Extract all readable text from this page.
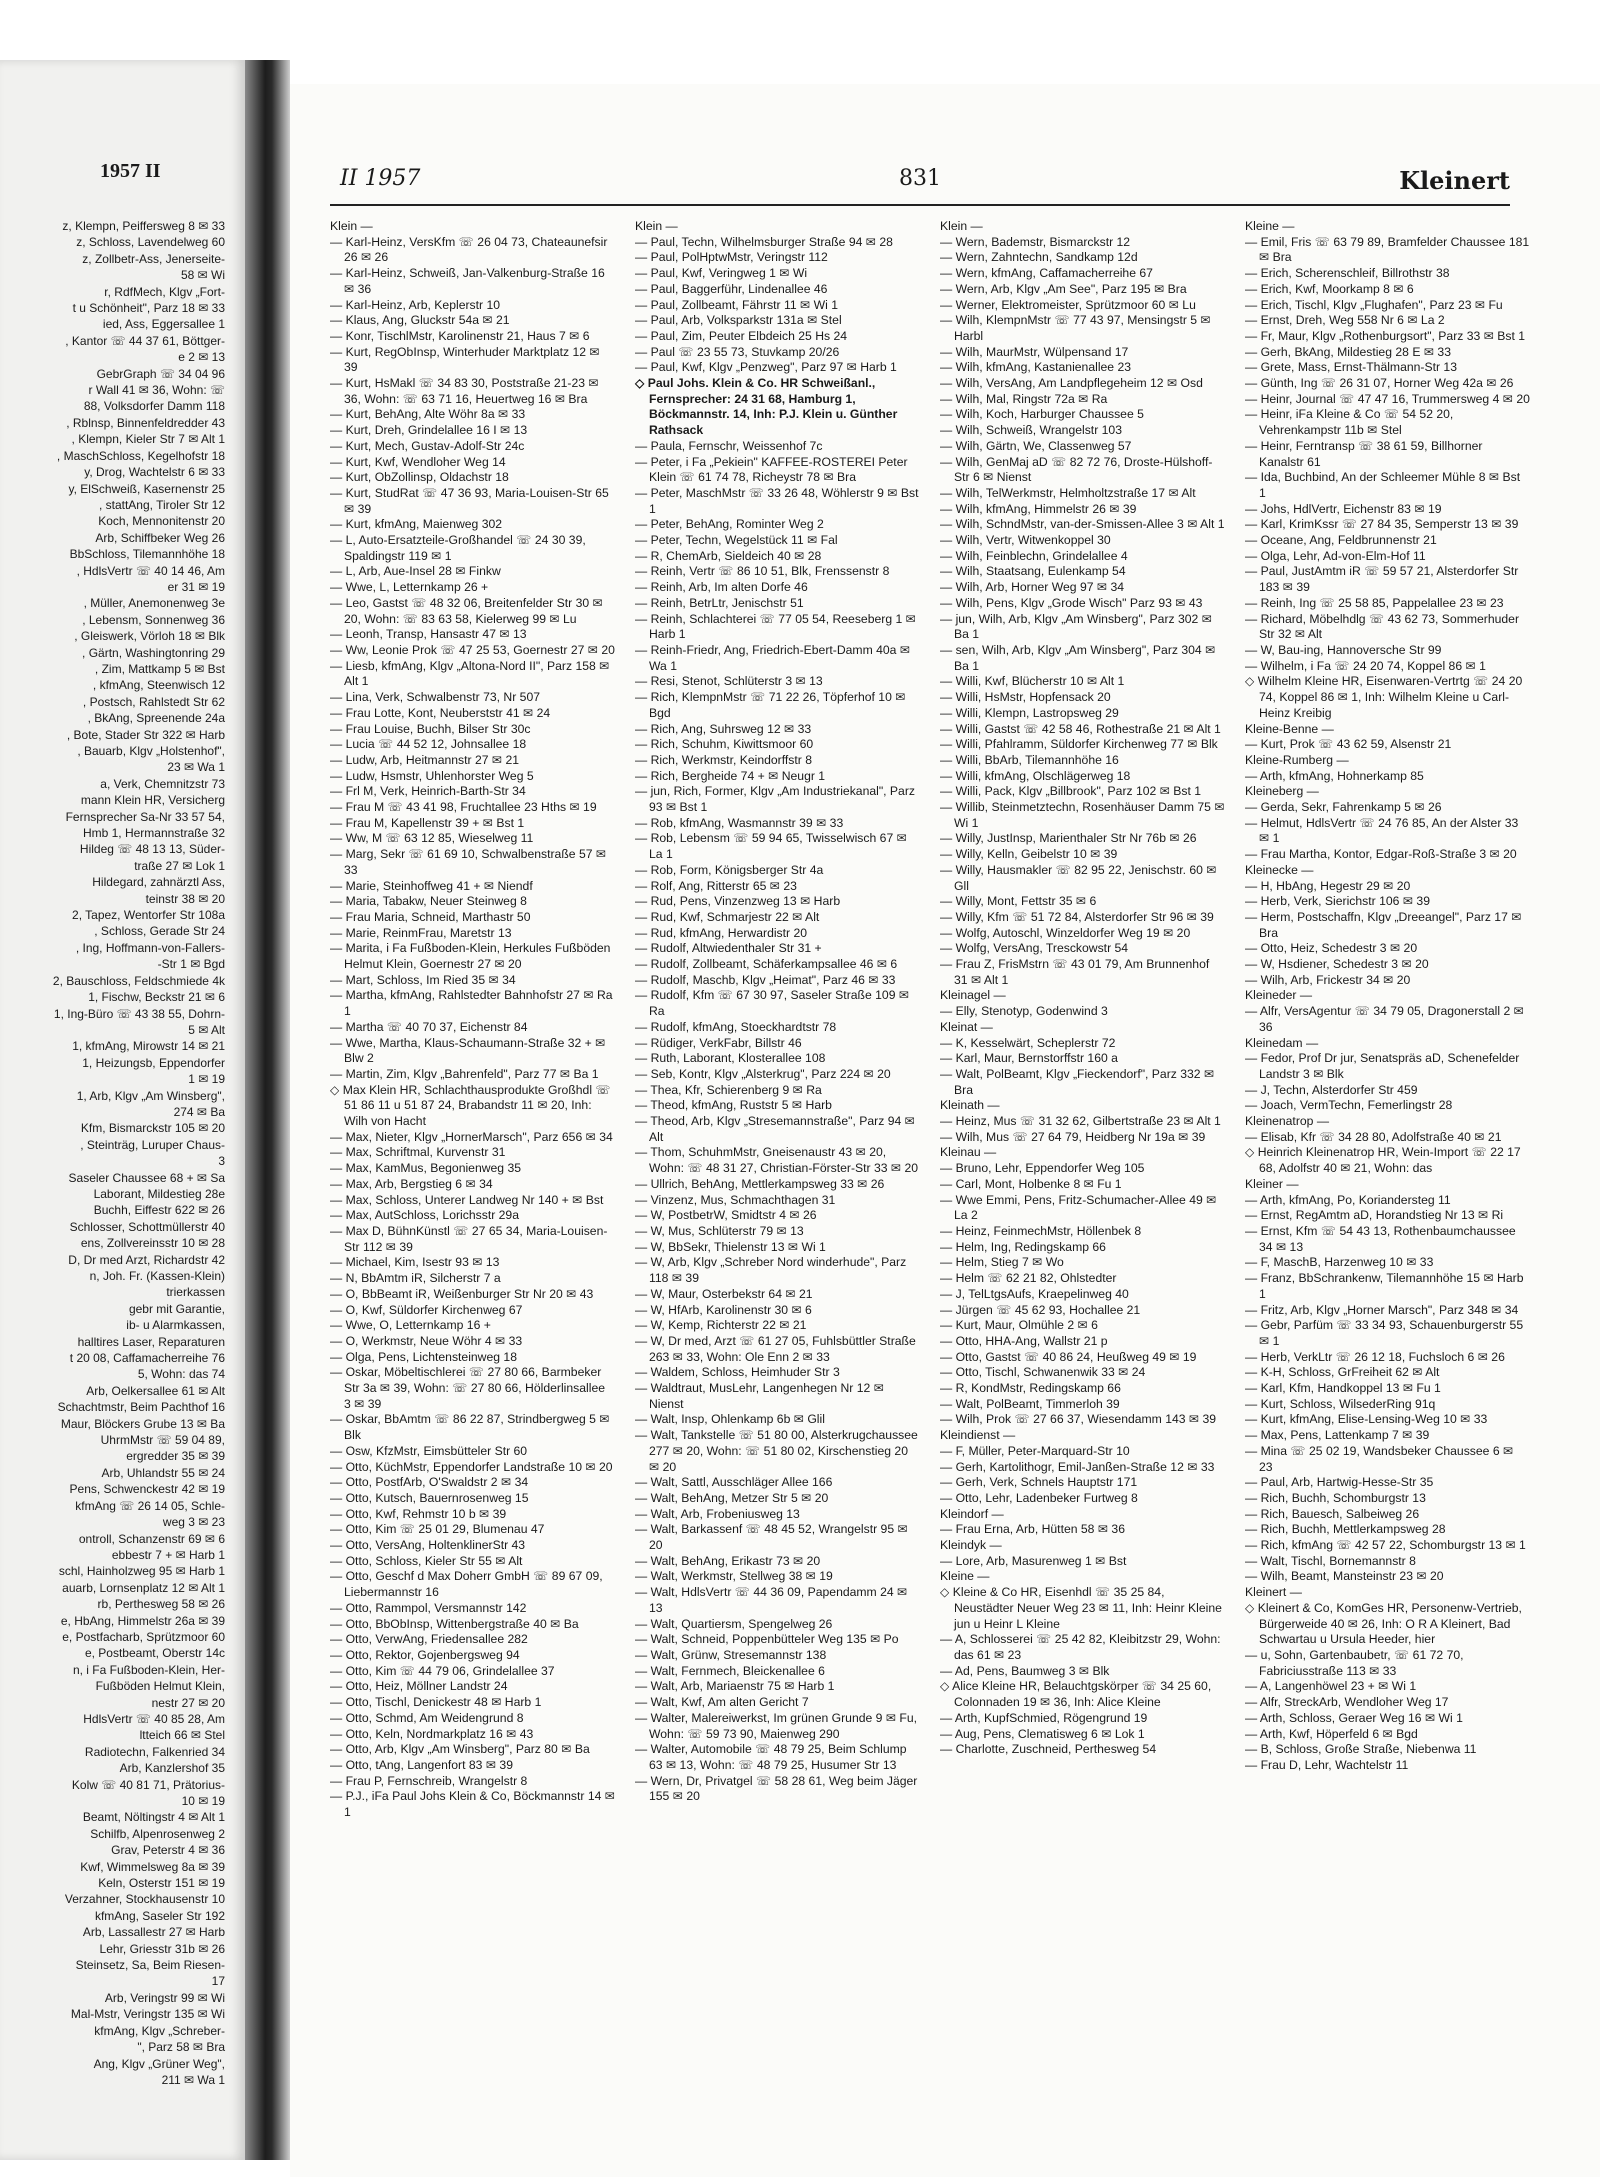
1957 II
z, Klempn, Peiffersweg 8 ✉ 33
z, Schloss, Lavendelweg 60
z, Zollbetr-Ass, Jenerseite-
58 ✉ Wi
r, RdfMech, Klgv „Fort-
t u Schönheit", Parz 18 ✉ 33
ied, Ass, Eggersallee 1
, Kantor ☏ 44 37 61, Böttger-
e 2 ✉ 13
GebrGraph ☏ 34 04 96
r Wall 41 ✉ 36, Wohn: ☏
88, Volksdorfer Damm 118
, Rblnsp, Binnenfeldredder 43
, Klempn, Kieler Str 7 ✉ Alt 1
, MaschSchloss, Kegelhofstr 18
y, Drog, Wachtelstr 6 ✉ 33
y, ElSchweiß, Kasernenstr 25
, stattAng, Tiroler Str 12
Koch, Mennonitenstr 20
Arb, Schiffbeker Weg 26
BbSchloss, Tilemannhöhe 18
, HdlsVertr ☏ 40 14 46, Am
er 31 ✉ 19
, Müller, Anemonenweg 3e
, Lebensm, Sonnenweg 36
, Gleiswerk, Vörloh 18 ✉ Blk
, Gärtn, Washingtonring 29
, Zim, Mattkamp 5 ✉ Bst
, kfmAng, Steenwisch 12
, Postsch, Rahlstedt Str 62
, BkAng, Spreenende 24a
, Bote, Stader Str 322 ✉ Harb
, Bauarb, Klgv „Holstenhof",
23 ✉ Wa 1
a, Verk, Chemnitzstr 73
mann Klein HR, Versicherg
Fernsprecher Sa-Nr 33 57 54,
Hmb 1, Hermannstraße 32
Hildeg ☏ 48 13 13, Süder-
traße 27 ✉ Lok 1
Hildegard, zahnärztl Ass,
teinstr 38 ✉ 20
2, Tapez, Wentorfer Str 108a
, Schloss, Gerade Str 24
, Ing, Hoffmann-von-Fallers-
-Str 1 ✉ Bgd
2, Bauschloss, Feldschmiede 4k
1, Fischw, Beckstr 21 ✉ 6
1, Ing-Büro ☏ 43 38 55, Dohrn-
5 ✉ Alt
1, kfmAng, Mirowstr 14 ✉ 21
1, Heizungsb, Eppendorfer
1 ✉ 19
1, Arb, Klgv „Am Winsberg",
274 ✉ Ba
Kfm, Bismarckstr 105 ✉ 20
, Steinträg, Luruper Chaus-
3
Saseler Chaussee 68 + ✉ Sa
Laborant, Mildestieg 28e
Buchh, Eiffestr 622 ✉ 26
Schlosser, Schottmüllerstr 40
ens, Zollvereinsstr 10 ✉ 28
D, Dr med Arzt, Richardstr 42
n, Joh. Fr. (Kassen-Klein)
trierkassen
gebr mit Garantie,
ib- u Alarmkassen,
halltires Laser, Reparaturen
t 20 08, Caffamacherreihe 76
5, Wohn: das 74
Arb, Oelkersallee 61 ✉ Alt
Schachtmstr, Beim Pachthof 16
Maur, Blöckers Grube 13 ✉ Ba
UhrmMstr ☏ 59 04 89,
ergredder 35 ✉ 39
Arb, Uhlandstr 55 ✉ 24
Pens, Schwenckestr 42 ✉ 19
kfmAng ☏ 26 14 05, Schle-
weg 3 ✉ 23
ontroll, Schanzenstr 69 ✉ 6
ebbestr 7 + ✉ Harb 1
schl, Hainholzweg 95 ✉ Harb 1
auarb, Lornsenplatz 12 ✉ Alt 1
rb, Perthesweg 58 ✉ 26
e, HbAng, Himmelstr 26a ✉ 39
e, Postfacharb, Sprützmoor 60
e, Postbeamt, Oberstr 14c
n, i Fa Fußboden-Klein, Her-
Fußböden Helmut Klein,
nestr 27 ✉ 20
HdlsVertr ☏ 40 85 28, Am
ltteich 66 ✉ Stel
Radiotechn, Falkenried 34
Arb, Kanzlershof 35
Kolw ☏ 40 81 71, Prätorius-
10 ✉ 19
Beamt, Nöltingstr 4 ✉ Alt 1
Schilfb, Alpenrosenweg 2
Grav, Peterstr 4 ✉ 36
Kwf, Wimmelsweg 8a ✉ 39
Keln, Osterstr 151 ✉ 19
Verzahner, Stockhausenstr 10
kfmAng, Saseler Str 192
Arb, Lassallestr 27 ✉ Harb
Lehr, Griesstr 31b ✉ 26
Steinsetz, Sa, Beim Riesen-
17
Arb, Veringstr 99 ✉ Wi
Mal-Mstr, Veringstr 135 ✉ Wi
kfmAng, Klgv „Schreber-
", Parz 58 ✉ Bra
Ang, Klgv „Grüner Weg",
211 ✉ Wa 1
II 1957	831	Kleinert
Klein —
— Karl-Heinz, VersKfm ☏ 26 04 73, Chateaunefsir 26 ✉ 26
— Karl-Heinz, Schweiß, Jan-Valkenburg-Straße 16 ✉ 36
— Karl-Heinz, Arb, Keplerstr 10
— Klaus, Ang, Gluckstr 54a ✉ 21
— Konr, TischlMstr, Karolinenstr 21, Haus 7 ✉ 6
— Kurt, RegObInsp, Winterhuder Marktplatz 12 ✉ 39
— Kurt, HsMakl ☏ 34 83 30, Poststraße 21-23 ✉ 36, Wohn: ☏ 63 71 16, Heuertweg 16 ✉ Bra
— Kurt, BehAng, Alte Wöhr 8a ✉ 33
— Kurt, Dreh, Grindelallee 16 I ✉ 13
— Kurt, Mech, Gustav-Adolf-Str 24c
— Kurt, Kwf, Wendloher Weg 14
— Kurt, ObZollinsp, Oldachstr 18
— Kurt, StudRat ☏ 47 36 93, Maria-Louisen-Str 65 ✉ 39
— Kurt, kfmAng, Maienweg 302
— L, Auto-Ersatzteile-Großhandel ☏ 24 30 39, Spaldingstr 119 ✉ 1
— L, Arb, Aue-Insel 28 ✉ Finkw
— Wwe, L, Letternkamp 26 +
— Leo, Gastst ☏ 48 32 06, Breitenfelder Str 30 ✉ 20, Wohn: ☏ 83 63 58, Kielerweg 99 ✉ Lu
— Leonh, Transp, Hansastr 47 ✉ 13
— Ww, Leonie Prok ☏ 47 25 53, Goernestr 27 ✉ 20
— Liesb, kfmAng, Klgv „Altona-Nord II", Parz 158 ✉ Alt 1
— Lina, Verk, Schwalbenstr 73, Nr 507
— Frau Lotte, Kont, Neuberststr 41 ✉ 24
— Frau Louise, Buchh, Bilser Str 30c
— Lucia ☏ 44 52 12, Johnsallee 18
— Ludw, Arb, Heitmannstr 27 ✉ 21
— Ludw, Hsmstr, Uhlenhorster Weg 5
— Frl M, Verk, Heinrich-Barth-Str 34
— Frau M ☏ 43 41 98, Fruchtallee 23 Hths ✉ 19
— Frau M, Kapellenstr 39 + ✉ Bst 1
— Ww, M ☏ 63 12 85, Wieselweg 11
— Marg, Sekr ☏ 61 69 10, Schwalbenstraße 57 ✉ 33
— Marie, Steinhoffweg 41 + ✉ Niendf
— Maria, Tabakw, Neuer Steinweg 8
— Frau Maria, Schneid, Marthastr 50
— Marie, ReinmFrau, Maretstr 13
— Marita, i Fa Fußboden-Klein, Herkules Fußböden Helmut Klein, Goernestr 27 ✉ 20
— Mart, Schloss, Im Ried 35 ✉ 34
— Martha, kfmAng, Rahlstedter Bahnhofstr 27 ✉ Ra 1
— Martha ☏ 40 70 37, Eichenstr 84
— Wwe, Martha, Klaus-Schaumann-Straße 32 + ✉ Blw 2
— Martin, Zim, Klgv „Bahrenfeld", Parz 77 ✉ Ba 1
◇ Max Klein HR, Schlachthausprodukte Großhdl ☏ 51 86 11 u 51 87 24, Brabandstr 11 ✉ 20, Inh: Wilh von Hacht
— Max, Nieter, Klgv „HornerMarsch", Parz 656 ✉ 34
— Max, Schriftmal, Kurvenstr 31
— Max, KamMus, Begonienweg 35
— Max, Arb, Bergstieg 6 ✉ 34
— Max, Schloss, Unterer Landweg Nr 140 + ✉ Bst
— Max, AutSchloss, Lorichsstr 29a
— Max D, BühnKünstl ☏ 27 65 34, Maria-Louisen-Str 112 ✉ 39
— Michael, Kim, Isestr 93 ✉ 13
— N, BbAmtm iR, Silcherstr 7 a
— O, BbBeamt iR, Weißenburger Str Nr 20 ✉ 43
— O, Kwf, Süldorfer Kirchenweg 67
— Wwe, O, Letternkamp 16 +
— O, Werkmstr, Neue Wöhr 4 ✉ 33
— Olga, Pens, Lichtensteinweg 18
— Oskar, Möbeltischlerei ☏ 27 80 66, Barmbeker Str 3a ✉ 39, Wohn: ☏ 27 80 66, Hölderlinsallee 3 ✉ 39
— Oskar, BbAmtm ☏ 86 22 87, Strindbergweg 5 ✉ Blk
— Osw, KfzMstr, Eimsbütteler Str 60
— Otto, KüchMstr, Eppendorfer Landstraße 10 ✉ 20
— Otto, PostfArb, O'Swaldstr 2 ✉ 34
— Otto, Kutsch, Bauernrosenweg 15
— Otto, Kwf, Rehmstr 10 b ✉ 39
— Otto, Kim ☏ 25 01 29, Blumenau 47
— Otto, VersAng, HoltenklinerStr 43
— Otto, Schloss, Kieler Str 55 ✉ Alt
— Otto, Geschf d Max Doherr GmbH ☏ 89 67 09, Liebermannstr 16
— Otto, Rammpol, Versmannstr 142
— Otto, BbObInsp, Wittenbergstraße 40 ✉ Ba
— Otto, VerwAng, Friedensallee 282
— Otto, Rektor, Gojenbergsweg 94
— Otto, Kim ☏ 44 79 06, Grindelallee 37
— Otto, Heiz, Möllner Landstr 24
— Otto, Tischl, Denickestr 48 ✉ Harb 1
— Otto, Schmd, Am Weidengrund 8
— Otto, Keln, Nordmarkplatz 16 ✉ 43
— Otto, Arb, Klgv „Am Winsberg", Parz 80 ✉ Ba
— Otto, tAng, Langenfort 83 ✉ 39
— Frau P, Fernschreib, Wrangelstr 8
— P.J., iFa Paul Johs Klein & Co, Böckmannstr 14 ✉ 1
Klein —
— Paul, Techn, Wilhelmsburger Straße 94 ✉ 28
— Paul, PolHptwMstr, Veringstr 112
— Paul, Kwf, Veringweg 1 ✉ Wi
— Paul, Baggerführ, Lindenallee 46
— Paul, Zollbeamt, Fährstr 11 ✉ Wi 1
— Paul, Arb, Volksparkstr 131a ✉ Stel
— Paul, Zim, Peuter Elbdeich 25 Hs 24
— Paul ☏ 23 55 73, Stuvkamp 20/26
— Paul, Kwf, Klgv „Penzweg", Parz 97 ✉ Harb 1
◇ Paul Johs. Klein & Co. HR Schweißanl., Fernsprecher: 24 31 68, Hamburg 1, Böckmannstr. 14, Inh: P.J. Klein u. Günther Rathsack
— Paula, Fernschr, Weissenhof 7c
— Peter, i Fa „Pekiein" KAFFEE-ROSTEREI Peter Klein ☏ 61 74 78, Richeystr 78 ✉ Bra
— Peter, MaschMstr ☏ 33 26 48, Wöhlerstr 9 ✉ Bst 1
— Peter, BehAng, Rominter Weg 2
— Peter, Techn, Wegelstück 11 ✉ Fal
— R, ChemArb, Sieldeich 40 ✉ 28
— Reinh, Vertr ☏ 86 10 51, Blk, Frenssenstr 8
— Reinh, Arb, Im alten Dorfe 46
— Reinh, BetrLtr, Jenischstr 51
— Reinh, Schlachterei ☏ 77 05 54, Reeseberg 1 ✉ Harb 1
— Reinh-Friedr, Ang, Friedrich-Ebert-Damm 40a ✉ Wa 1
— Resi, Stenot, Schlüterstr 3 ✉ 13
— Rich, KlempnMstr ☏ 71 22 26, Töpferhof 10 ✉ Bgd
— Rich, Ang, Suhrsweg 12 ✉ 33
— Rich, Schuhm, Kiwittsmoor 60
— Rich, Werkmstr, Keindorffstr 8
— Rich, Bergheide 74 + ✉ Neugr 1
— jun, Rich, Former, Klgv „Am Industriekanal", Parz 93 ✉ Bst 1
— Rob, kfmAng, Wasmannstr 39 ✉ 33
— Rob, Lebensm ☏ 59 94 65, Twisselwisch 67 ✉ La 1
— Rob, Form, Königsberger Str 4a
— Rolf, Ang, Ritterstr 65 ✉ 23
— Rud, Pens, Vinzenzweg 13 ✉ Harb
— Rud, Kwf, Schmarjestr 22 ✉ Alt
— Rud, kfmAng, Herwardistr 20
— Rudolf, Altwiedenthaler Str 31 +
— Rudolf, Zollbeamt, Schäferkampsallee 46 ✉ 6
— Rudolf, Maschb, Klgv „Heimat", Parz 46 ✉ 33
— Rudolf, Kfm ☏ 67 30 97, Saseler Straße 109 ✉ Ra
— Rudolf, kfmAng, Stoeckhardtstr 78
— Rüdiger, VerkFabr, Billstr 46
— Ruth, Laborant, Klosterallee 108
— Seb, Kontr, Klgv „Alsterkrug", Parz 224 ✉ 20
— Thea, Kfr, Schierenberg 9 ✉ Ra
— Theod, kfmAng, Ruststr 5 ✉ Harb
— Theod, Arb, Klgv „Stresemannstraße", Parz 94 ✉ Alt
— Thom, SchuhmMstr, Gneisenaustr 43 ✉ 20, Wohn: ☏ 48 31 27, Christian-Förster-Str 33 ✉ 20
— Ullrich, BehAng, Mettlerkampsweg 33 ✉ 26
— Vinzenz, Mus, Schmachthagen 31
— W, PostbetrW, Smidtstr 4 ✉ 26
— W, Mus, Schlüterstr 79 ✉ 13
— W, BbSekr, Thielenstr 13 ✉ Wi 1
— W, Arb, Klgv „Schreber Nord winderhude", Parz 118 ✉ 39
— W, Maur, Osterbekstr 64 ✉ 21
— W, HfArb, Karolinenstr 30 ✉ 6
— W, Kemp, Richterstr 22 ✉ 21
— W, Dr med, Arzt ☏ 61 27 05, Fuhlsbüttler Straße 263 ✉ 33, Wohn: Ole Enn 2 ✉ 33
— Waldem, Schloss, Heimhuder Str 3
— Waldtraut, MusLehr, Langenhegen Nr 12 ✉ Nienst
— Walt, Insp, Ohlenkamp 6b ✉ Glil
— Walt, Tankstelle ☏ 51 80 00, Alsterkrugchaussee 277 ✉ 20, Wohn: ☏ 51 80 02, Kirschenstieg 20 ✉ 20
— Walt, Sattl, Ausschläger Allee 166
— Walt, BehAng, Metzer Str 5 ✉ 20
— Walt, Arb, Frobeniusweg 13
— Walt, Barkassenf ☏ 48 45 52, Wrangelstr 95 ✉ 20
— Walt, BehAng, Erikastr 73 ✉ 20
— Walt, Werkmstr, Stellweg 38 ✉ 19
— Walt, HdlsVertr ☏ 44 36 09, Papendamm 24 ✉ 13
— Walt, Quartiersm, Spengelweg 26
— Walt, Schneid, Poppenbütteler Weg 135 ✉ Po
— Walt, Grünw, Stresemannstr 138
— Walt, Fernmech, Bleickenallee 6
— Walt, Arb, Mariaenstr 75 ✉ Harb 1
— Walt, Kwf, Am alten Gericht 7
— Walter, Malereiwerkst, Im grünen Grunde 9 ✉ Fu, Wohn: ☏ 59 73 90, Maienweg 290
— Walter, Automobile ☏ 48 79 25, Beim Schlump 63 ✉ 13, Wohn: ☏ 48 79 25, Husumer Str 13
— Wern, Dr, Privatgel ☏ 58 28 61, Weg beim Jäger 155 ✉ 20
Klein —
— Wern, Bademstr, Bismarckstr 12
— Wern, Zahntechn, Sandkamp 12d
— Wern, kfmAng, Caffamacherreihe 67
— Wern, Arb, Klgv „Am See", Parz 195 ✉ Bra
— Werner, Elektromeister, Sprützmoor 60 ✉ Lu
— Wilh, KlempnMstr ☏ 77 43 97, Mensingstr 5 ✉ Harbl
— Wilh, MaurMstr, Wülpensand 17
— Wilh, kfmAng, Kastanienallee 23
— Wilh, VersAng, Am Landpflegeheim 12 ✉ Osd
— Wilh, Mal, Ringstr 72a ✉ Ra
— Wilh, Koch, Harburger Chaussee 5
— Wilh, Schweiß, Wrangelstr 103
— Wilh, Gärtn, We, Classenweg 57
— Wilh, GenMaj aD ☏ 82 72 76, Droste-Hülshoff-Str 6 ✉ Nienst
— Wilh, TelWerkmstr, Helmholtzstraße 17 ✉ Alt
— Wilh, kfmAng, Himmelstr 26 ✉ 39
— Wilh, SchndMstr, van-der-Smissen-Allee 3 ✉ Alt 1
— Wilh, Vertr, Witwenkoppel 30
— Wilh, Feinblechn, Grindelallee 4
— Wilh, Staatsang, Eulenkamp 54
— Wilh, Arb, Horner Weg 97 ✉ 34
— Wilh, Pens, Klgv „Grode Wisch" Parz 93 ✉ 43
— jun, Wilh, Arb, Klgv „Am Winsberg", Parz 302 ✉ Ba 1
— sen, Wilh, Arb, Klgv „Am Winsberg", Parz 304 ✉ Ba 1
— Willi, Kwf, Blücherstr 10 ✉ Alt 1
— Willi, HsMstr, Hopfensack 20
— Willi, Klempn, Lastropsweg 29
— Willi, Gastst ☏ 42 58 46, Rothestraße 21 ✉ Alt 1
— Willi, Pfahlramm, Süldorfer Kirchenweg 77 ✉ Blk
— Willi, BbArb, Tilemannhöhe 16
— Willi, kfmAng, Olschlägerweg 18
— Willi, Pack, Klgv „Billbrook", Parz 102 ✉ Bst 1
— Willib, Steinmetztechn, Rosenhäuser Damm 75 ✉ Wi 1
— Willy, JustInsp, Marienthaler Str Nr 76b ✉ 26
— Willy, Kelln, Geibelstr 10 ✉ 39
— Willy, Hausmakler ☏ 82 95 22, Jenischstr. 60 ✉ Gll
— Willy, Mont, Fettstr 35 ✉ 6
— Willy, Kfm ☏ 51 72 84, Alsterdorfer Str 96 ✉ 39
— Wolfg, Autoschl, Winzeldorfer Weg 19 ✉ 20
— Wolfg, VersAng, Tresckowstr 54
— Frau Z, FrisMstrn ☏ 43 01 79, Am Brunnenhof 31 ✉ Alt 1
Kleinagel —
— Elly, Stenotyp, Godenwind 3
Kleinat —
— K, Kesselwärt, Scheplerstr 72
— Karl, Maur, Bernstorffstr 160 a
— Walt, PolBeamt, Klgv „Fieckendorf", Parz 332 ✉ Bra
Kleinath —
— Heinz, Mus ☏ 31 32 62, Gilbertstraße 23 ✉ Alt 1
— Wilh, Mus ☏ 27 64 79, Heidberg Nr 19a ✉ 39
Kleinau —
— Bruno, Lehr, Eppendorfer Weg 105
— Carl, Mont, Holbenke 8 ✉ Fu 1
— Wwe Emmi, Pens, Fritz-Schumacher-Allee 49 ✉ La 2
— Heinz, FeinmechMstr, Höllenbek 8
— Helm, Ing, Redingskamp 66
— Helm, Stieg 7 ✉ Wo
— Helm ☏ 62 21 82, Ohlstedter
— J, TelLtgsAufs, Kraepelinweg 40
— Jürgen ☏ 45 62 93, Hochallee 21
— Kurt, Maur, Olmühle 2 ✉ 6
— Otto, HHA-Ang, Wallstr 21 p
— Otto, Gastst ☏ 40 86 24, Heußweg 49 ✉ 19
— Otto, Tischl, Schwanenwik 33 ✉ 24
— R, KondMstr, Redingskamp 66
— Walt, PolBeamt, Timmerloh 39
— Wilh, Prok ☏ 27 66 37, Wiesendamm 143 ✉ 39
Kleindienst —
— F, Müller, Peter-Marquard-Str 10
— Gerh, Kartolithogr, Emil-Janßen-Straße 12 ✉ 33
— Gerh, Verk, Schnels Hauptstr 171
— Otto, Lehr, Ladenbeker Furtweg 8
Kleindorf —
— Frau Erna, Arb, Hütten 58 ✉ 36
Kleindyk —
— Lore, Arb, Masurenweg 1 ✉ Bst
Kleine —
◇ Kleine & Co HR, Eisenhdl ☏ 35 25 84, Neustädter Neuer Weg 23 ✉ 11, Inh: Heinr Kleine jun u Heinr L Kleine
— A, Schlosserei ☏ 25 42 82, Kleibitzstr 29, Wohn: das 61 ✉ 23
— Ad, Pens, Baumweg 3 ✉ Blk
◇ Alice Kleine HR, Belauchtgskörper ☏ 34 25 60, Colonnaden 19 ✉ 36, Inh: Alice Kleine
— Arth, KupfSchmied, Rögengrund 19
— Aug, Pens, Clematisweg 6 ✉ Lok 1
— Charlotte, Zuschneid, Perthesweg 54
Kleine —
— Emil, Fris ☏ 63 79 89, Bramfelder Chaussee 181 ✉ Bra
— Erich, Scherenschleif, Billrothstr 38
— Erich, Kwf, Moorkamp 8 ✉ 6
— Erich, Tischl, Klgv „Flughafen", Parz 23 ✉ Fu
— Ernst, Dreh, Weg 558 Nr 6 ✉ La 2
— Fr, Maur, Klgv „Rothenburgsort", Parz 33 ✉ Bst 1
— Gerh, BkAng, Mildestieg 28 E ✉ 33
— Grete, Mass, Ernst-Thälmann-Str 13
— Günth, Ing ☏ 26 31 07, Horner Weg 42a ✉ 26
— Heinr, Journal ☏ 47 47 16, Trummersweg 4 ✉ 20
— Heinr, iFa Kleine & Co ☏ 54 52 20, Vehrenkampstr 11b ✉ Stel
— Heinr, Ferntransp ☏ 38 61 59, Billhorner Kanalstr 61
— Ida, Buchbind, An der Schleemer Mühle 8 ✉ Bst 1
— Johs, HdlVertr, Eichenstr 83 ✉ 19
— Karl, KrimKssr ☏ 27 84 35, Semperstr 13 ✉ 39
— Oceane, Ang, Feldbrunnenstr 21
— Olga, Lehr, Ad-von-Elm-Hof 11
— Paul, JustAmtm iR ☏ 59 57 21, Alsterdorfer Str 183 ✉ 39
— Reinh, Ing ☏ 25 58 85, Pappelallee 23 ✉ 23
— Richard, Möbelhdlg ☏ 43 62 73, Sommerhuder Str 32 ✉ Alt
— W, Bau-ing, Hannoversche Str 99
— Wilhelm, i Fa ☏ 24 20 74, Koppel 86 ✉ 1
◇ Wilhelm Kleine HR, Eisenwaren-Vertrtg ☏ 24 20 74, Koppel 86 ✉ 1, Inh: Wilhelm Kleine u Carl-Heinz Kreibig
Kleine-Benne —
— Kurt, Prok ☏ 43 62 59, Alsenstr 21
Kleine-Rumberg —
— Arth, kfmAng, Hohnerkamp 85
Kleineberg —
— Gerda, Sekr, Fahrenkamp 5 ✉ 26
— Helmut, HdlsVertr ☏ 24 76 85, An der Alster 33 ✉ 1
— Frau Martha, Kontor, Edgar-Roß-Straße 3 ✉ 20
Kleinecke —
— H, HbAng, Hegestr 29 ✉ 20
— Herb, Verk, Sierichstr 106 ✉ 39
— Herm, Postschaffn, Klgv „Dreeangel", Parz 17 ✉ Bra
— Otto, Heiz, Schedestr 3 ✉ 20
— W, Hsdiener, Schedestr 3 ✉ 20
— Wilh, Arb, Frickestr 34 ✉ 20
Kleineder —
— Alfr, VersAgentur ☏ 34 79 05, Dragonerstall 2 ✉ 36
Kleinedam —
— Fedor, Prof Dr jur, Senatspräs aD, Schenefelder Landstr 3 ✉ Blk
— J, Techn, Alsterdorfer Str 459
— Joach, VermTechn, Femerlingstr 28
Kleinenatrop —
— Elisab, Kfr ☏ 34 28 80, Adolfstraße 40 ✉ 21
◇ Heinrich Kleinenatrop HR, Wein-Import ☏ 22 17 68, Adolfstr 40 ✉ 21, Wohn: das
Kleiner —
— Arth, kfmAng, Po, Koriandersteg 11
— Ernst, RegAmtm aD, Horandstieg Nr 13 ✉ Ri
— Ernst, Kfm ☏ 54 43 13, Rothenbaumchaussee 34 ✉ 13
— F, MaschB, Harzenweg 10 ✉ 33
— Franz, BbSchrankenw, Tilemannhöhe 15 ✉ Harb 1
— Fritz, Arb, Klgv „Horner Marsch", Parz 348 ✉ 34
— Gebr, Parfüm ☏ 33 34 93, Schauenburgerstr 55 ✉ 1
— Herb, VerkLtr ☏ 26 12 18, Fuchsloch 6 ✉ 26
— K-H, Schloss, GrFreiheit 62 ✉ Alt
— Karl, Kfm, Handkoppel 13 ✉ Fu 1
— Kurt, Schloss, WilsederRing 91q
— Kurt, kfmAng, Elise-Lensing-Weg 10 ✉ 33
— Max, Pens, Lattenkamp 7 ✉ 39
— Mina ☏ 25 02 19, Wandsbeker Chaussee 6 ✉ 23
— Paul, Arb, Hartwig-Hesse-Str 35
— Rich, Buchh, Schomburgstr 13
— Rich, Bauesch, Salbeiweg 26
— Rich, Buchh, Mettlerkampsweg 28
— Rich, kfmAng ☏ 42 57 22, Schomburgstr 13 ✉ 1
— Walt, Tischl, Bornemannstr 8
— Wilh, Beamt, Mansteinstr 23 ✉ 20
Kleinert —
◇ Kleinert & Co, KomGes HR, Personenw-Vertrieb, Bürgerweide 40 ✉ 26, Inh: O R A Kleinert, Bad Schwartau u Ursula Heeder, hier
— u, Sohn, Gartenbaubetr, ☏ 61 72 70, Fabriciusstraße 113 ✉ 33
— A, Langenhöwel 23 + ✉ Wi 1
— Alfr, StreckArb, Wendloher Weg 17
— Arth, Schloss, Geraer Weg 16 ✉ Wi 1
— Arth, Kwf, Höperfeld 6 ✉ Bgd
— B, Schloss, Große Straße, Niebenwa 11
— Frau D, Lehr, Wachtelstr 11
